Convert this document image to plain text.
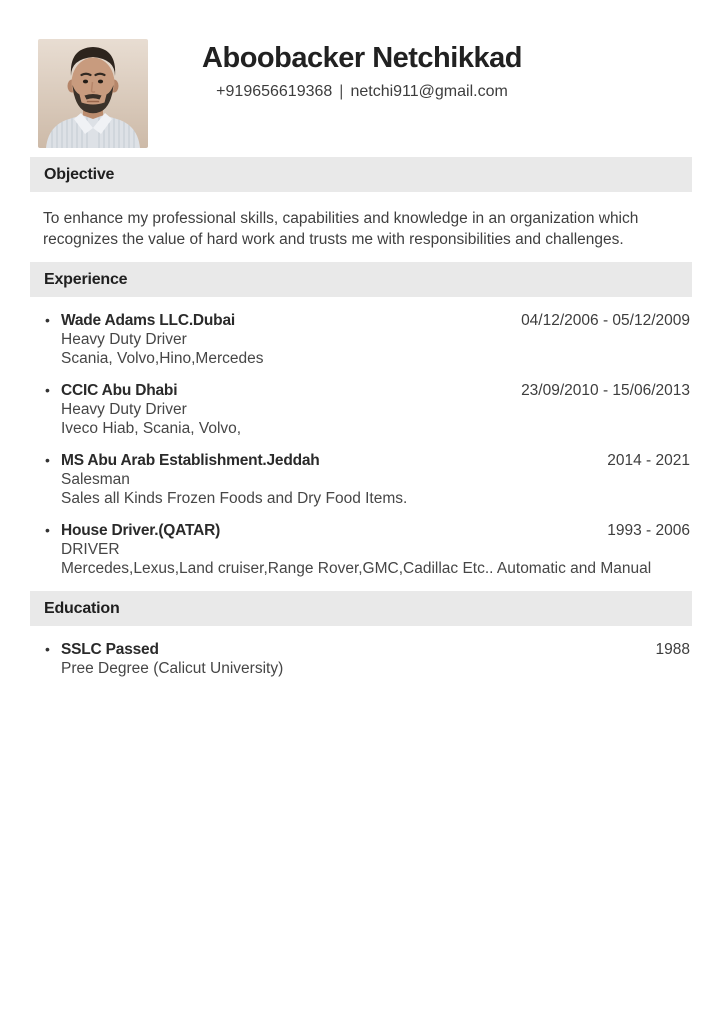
Aboobacker Netchikkad
+919656619368 | netchi911@gmail.com
Objective
To enhance my professional skills, capabilities and knowledge in an organization which recognizes the value of hard work and trusts me with responsibilities and challenges.
Experience
• Wade Adams LLC.Dubai	04/12/2006 - 05/12/2009
Heavy Duty Driver
Scania, Volvo,Hino,Mercedes
• CCIC Abu Dhabi	23/09/2010 - 15/06/2013
Heavy Duty Driver
Iveco Hiab, Scania, Volvo,
• MS Abu Arab Establishment.Jeddah	2014 - 2021
Salesman
Sales all Kinds Frozen Foods and Dry Food Items.
• House Driver.(QATAR)	1993 - 2006
DRIVER
Mercedes,Lexus,Land cruiser,Range Rover,GMC,Cadillac Etc.. Automatic and Manual
Education
• SSLC Passed	1988
Pree Degree (Calicut University)
